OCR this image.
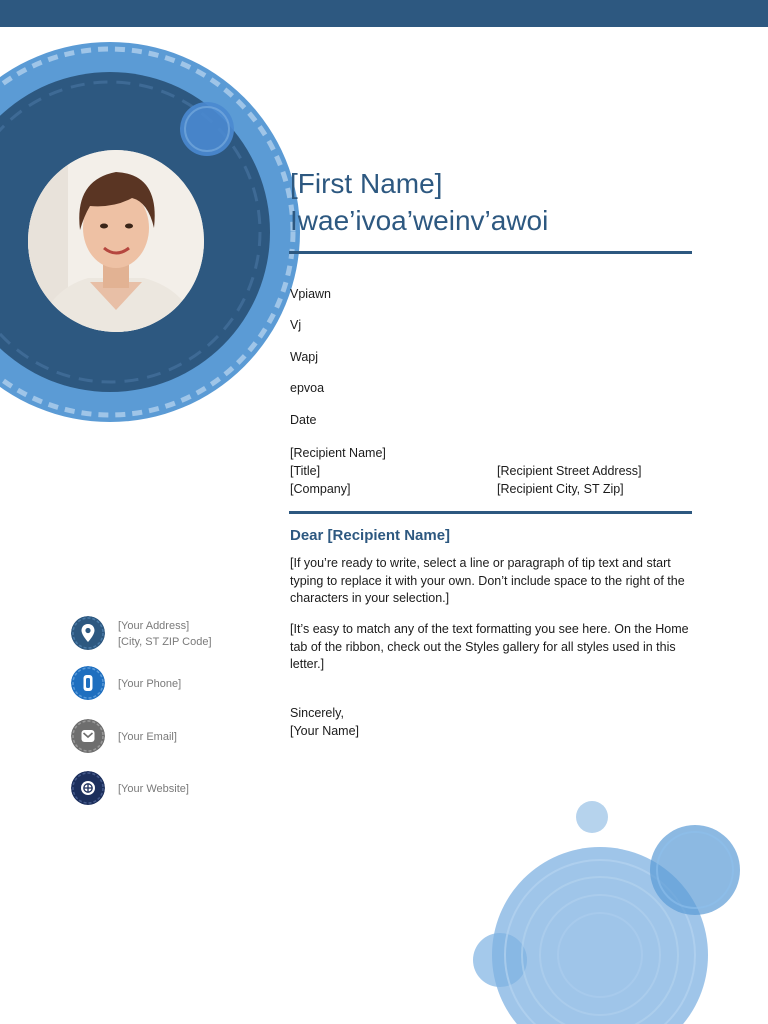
[First Name]
Iwae’ivoa’weinv’awoi
Vpiawn
Vj
Wapj
epvoa
Date
[Recipient Name]
[Title]
[Company]
[Recipient Street Address]
[Recipient City, ST Zip]
Dear [Recipient Name]
[If you’re ready to write, select a line or paragraph of tip text and start typing to replace it with your own. Don’t include space to the right of the characters in your selection.]
[It’s easy to match any of the text formatting you see here. On the Home tab of the ribbon, check out the Styles gallery for all styles used in this letter.]
Sincerely,
[Your Name]
[Your Address]
[City, ST ZIP Code]
[Your Phone]
[Your Email]
[Your Website]
